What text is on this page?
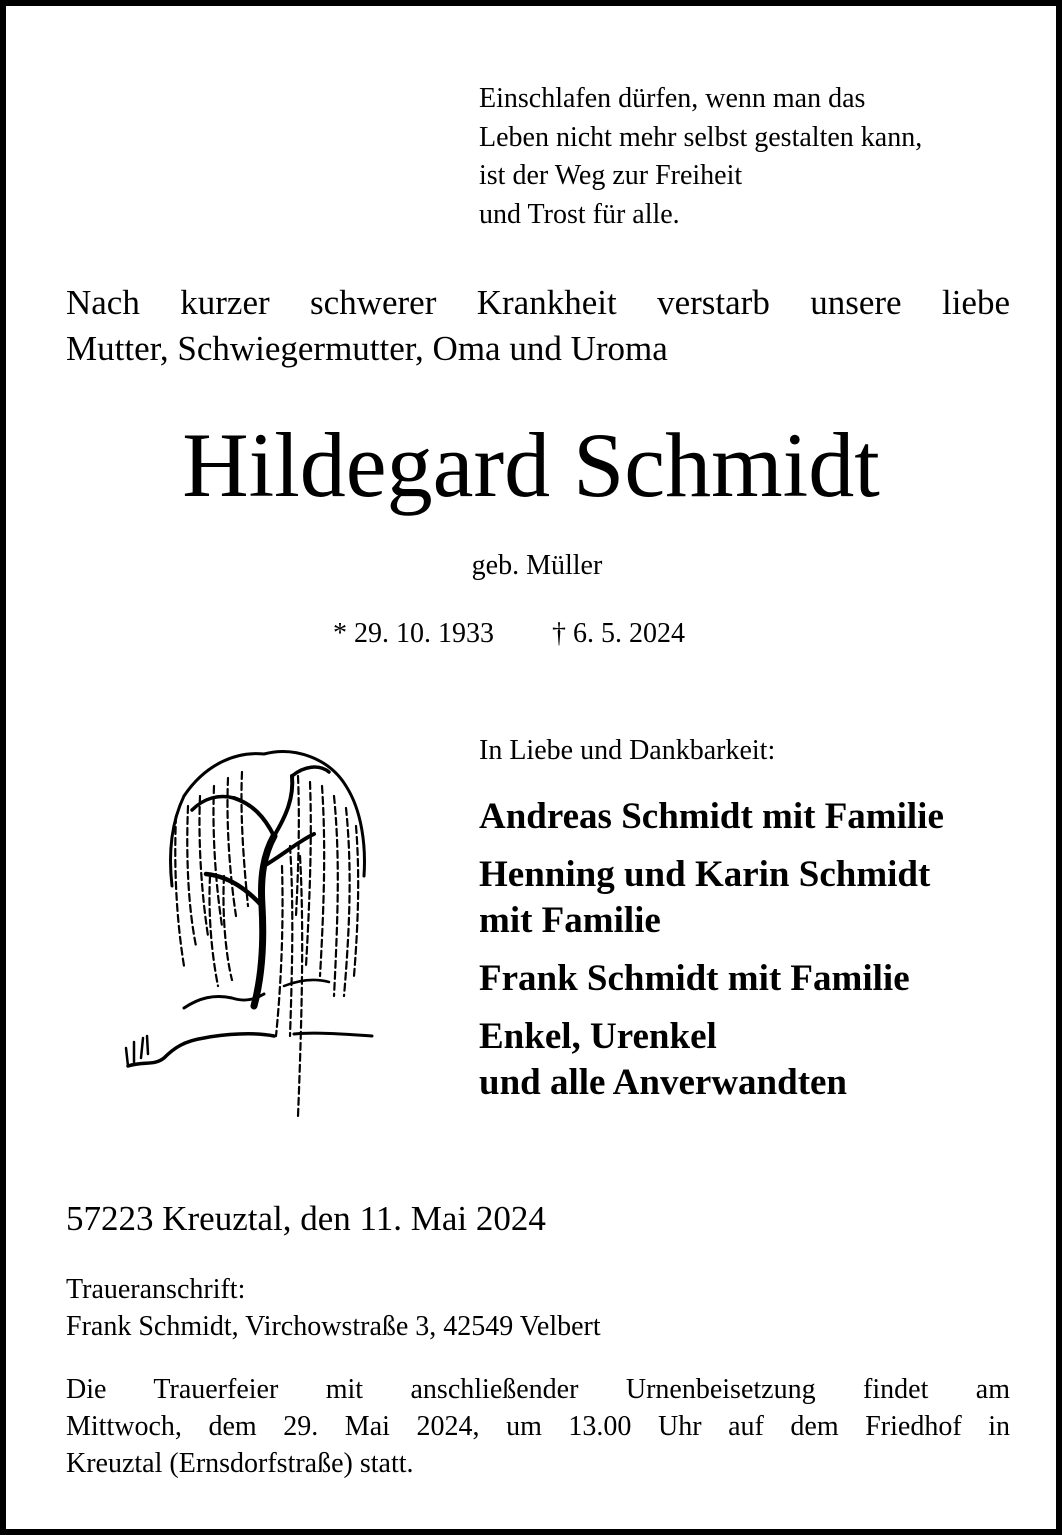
Einschlafen dürfen, wenn man das
Leben nicht mehr selbst gestalten kann,
ist der Weg zur Freiheit
und Trost für alle.
Nach kurzer schwerer Krankheit verstarb unsere liebe
Mutter, Schwiegermutter, Oma und Uroma
Hildegard Schmidt
geb. Müller
* 29. 10. 1933 † 6. 5. 2024
In Liebe und Dankbarkeit:
Andreas Schmidt mit Familie
Henning und Karin Schmidt
mit Familie
Frank Schmidt mit Familie
Enkel, Urenkel
und alle Anverwandten
57223 Kreuztal, den 11. Mai 2024
Traueranschrift:
Frank Schmidt, Virchowstraße 3, 42549 Velbert
Die Trauerfeier mit anschließender Urnenbeisetzung findet am
Mittwoch, dem 29. Mai 2024, um 13.00 Uhr auf dem Friedhof in
Kreuztal (Ernsdorfstraße) statt.
